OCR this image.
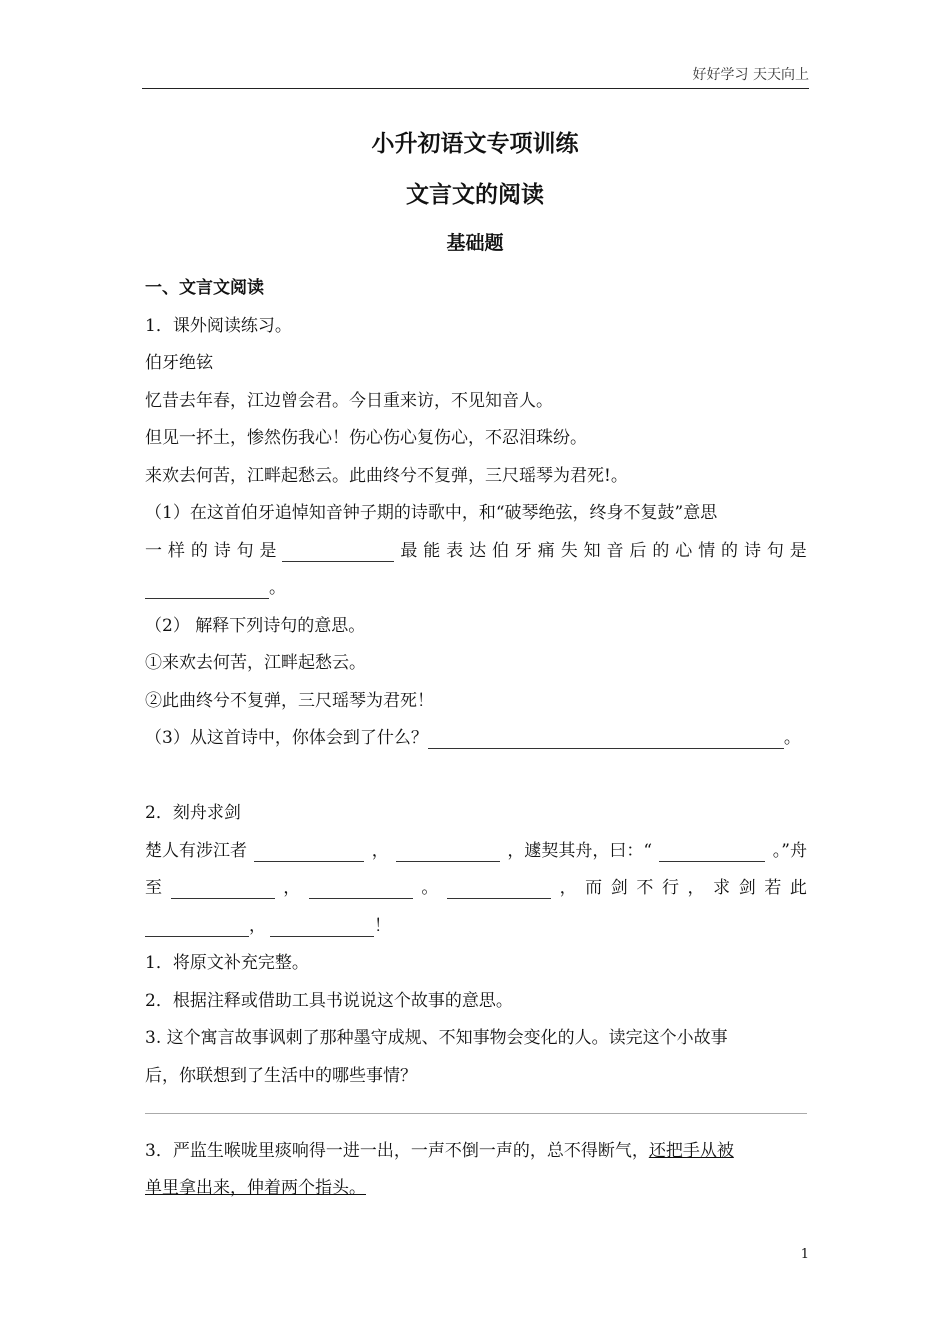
好好学习 天天向上
小升初语文专项训练
文言文的阅读
基础题
一、文言文阅读
1．课外阅读练习。
伯牙绝铉
忆昔去年春，江边曾会君。今日重来访，不见知音人。
但见一抔土，惨然伤我心！伤心伤心复伤心，不忍泪珠纷。
来欢去何苦，江畔起愁云。此曲终兮不复弹，三尺瑶琴为君死!。
（1）在这首伯牙追悼知音钟子期的诗歌中，和“破琴绝弦，终身不复鼓”意思
一 样 的 诗 句 是	最 能 表 达 伯 牙 痛 失 知 音 后 的 心 情 的 诗 句 是
。
（2） 解释下列诗句的意思。
①来欢去何苦，江畔起愁云。
②此曲终兮不复弹，三尺瑶琴为君死！
（3）从这首诗中，你体会到了什么？	。
2．刻舟求剑
楚人有涉江者	，	，遽契其舟，曰：“	。”舟
至	，	。	， 而 剑 不 行 ， 求 剑 若 此
，	！
1．将原文补充完整。
2．根据注释或借助工具书说说这个故事的意思。
3. 这个寓言故事讽刺了那种墨守成规、不知事物会变化的人。读完这个小故事
后，你联想到了生活中的哪些事情？
3．严监生喉咙里痰响得一进一出，一声不倒一声的，总不得断气，还把手从被
单里拿出来，伸着两个指头。
1
